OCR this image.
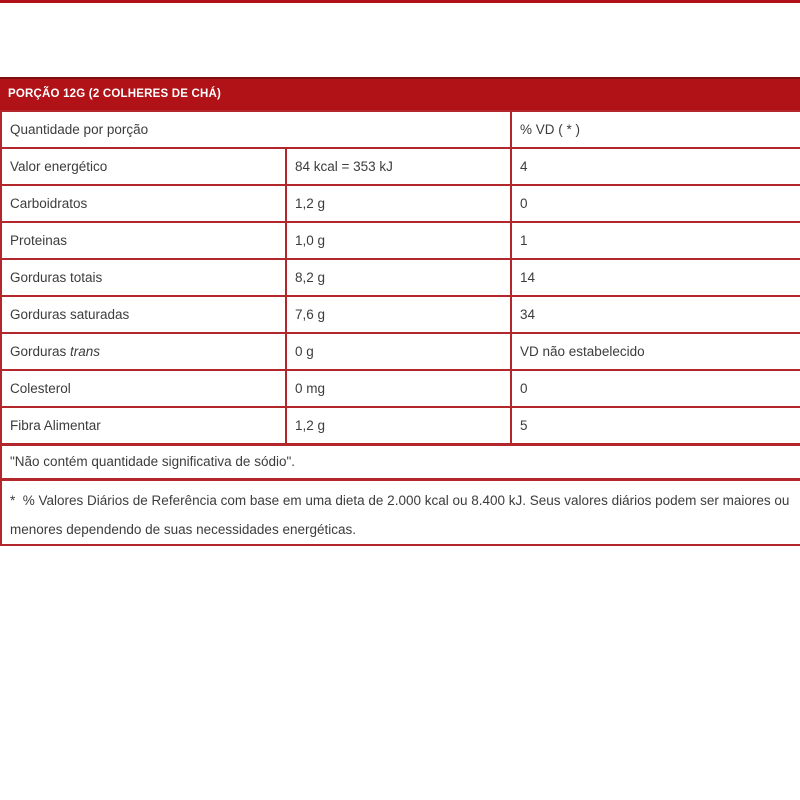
PORÇÃO 12G (2 COLHERES DE CHÁ)
Quantidade por porção		% VD ( * )
Valor energético	84 kcal = 353 kJ	4
Carboidratos	1,2 g	0
Proteinas	1,0 g	1
Gorduras totais	8,2 g	14
Gorduras saturadas	7,6 g	34
Gorduras trans	0 g	VD não estabelecido
Colesterol	0 mg	0
Fibra Alimentar	1,2 g	5
"Não contém quantidade significativa de sódio".		
*  % Valores Diários de Referência com base em uma dieta de 2.000 kcal ou 8.400 kJ. Seus valores diários podem ser maiores ou menores dependendo de suas necessidades energéticas.		
